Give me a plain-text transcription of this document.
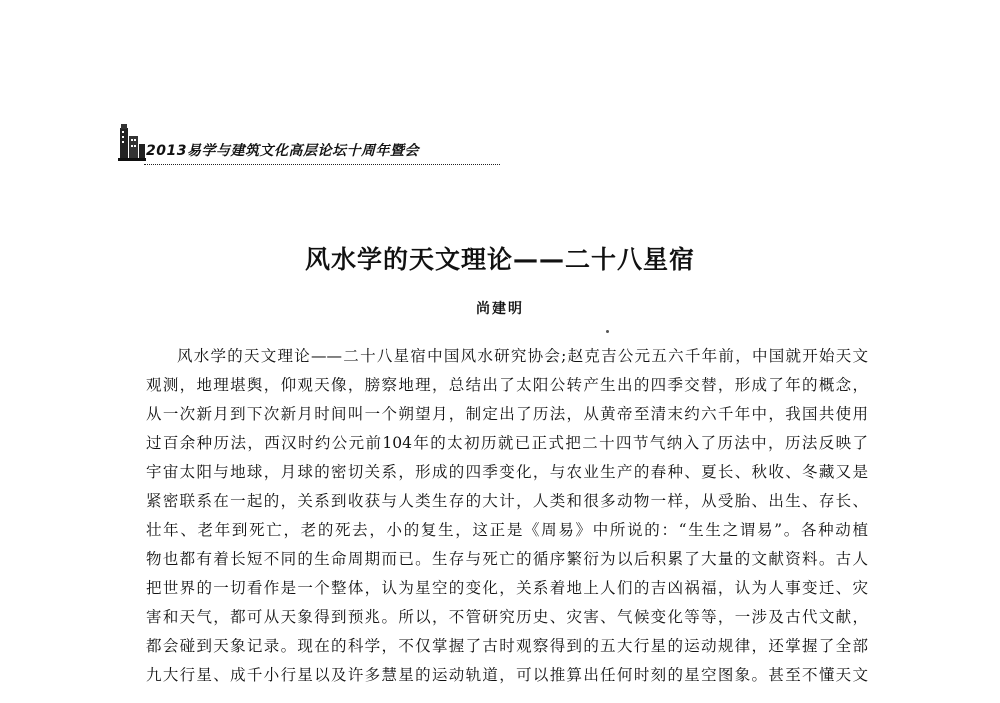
2013易学与建筑文化高层论坛十周年暨会
风水学的天文理论——二十八星宿
尚建明
风水学的天文理论——二十八星宿中国风水研究协会;赵克吉公元五六千年前，中国就开始天文
观测，地理堪舆，仰观天像，膀察地理，总结出了太阳公转产生出的四季交替，形成了年的概念，
从一次新月到下次新月时间叫一个朔望月，制定出了历法，从黄帝至清末约六千年中，我国共使用
过百余种历法，西汉时约公元前104年的太初历就已正式把二十四节气纳入了历法中，历法反映了
宇宙太阳与地球，月球的密切关系，形成的四季变化，与农业生产的春种、夏长、秋收、冬藏又是
紧密联系在一起的，关系到收获与人类生存的大计，人类和很多动物一样，从受胎、出生、存长、
壮年、老年到死亡，老的死去，小的复生，这正是《周易》中所说的：“生生之谓易”。各种动植
物也都有着长短不同的生命周期而已。生存与死亡的循序繁衍为以后积累了大量的文献资料。古人
把世界的一切看作是一个整体，认为星空的变化，关系着地上人们的吉凶祸福，认为人事变迁、灾
害和天气，都可从天象得到预兆。所以，不管研究历史、灾害、气候变化等等，一涉及古代文献，
都会碰到天象记录。现在的科学，不仅掌握了古时观察得到的五大行星的运动规律，还掌握了全部
九大行星、成千小行星以及许多慧星的运动轨道，可以推算出任何时刻的星空图象。甚至不懂天文
